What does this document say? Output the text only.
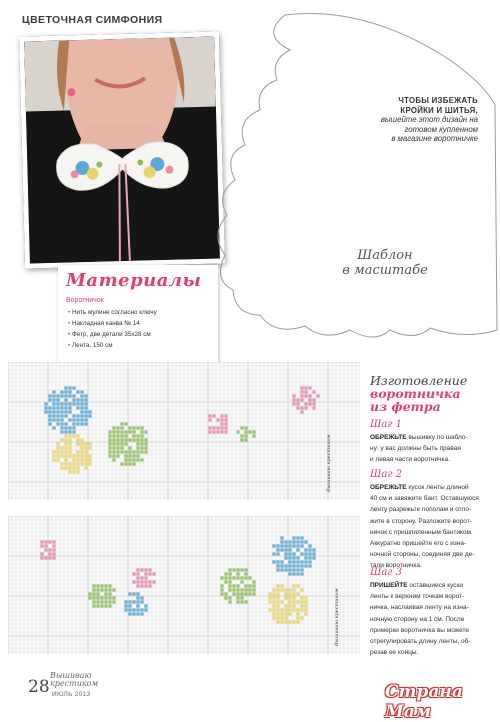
ЦВЕТОЧНАЯ СИМФОНИЯ
ЧТОБЫ ИЗБЕЖАТЬ
КРОЙКИ И ШИТЬЯ,
вышейте этот дизайн на
готовом купленном
в магазине воротничке
Шаблон
в масштабе
Материалы
Воротничок
• Нить мулине согласно ключу
• Накладная канва № 14
• Фетр, две детали 35х28 см
• Лента, 150 см
Вышиваю крестиком
Вышиваю крестиком
Изготовление
воротничка
из фетра
Шаг 1
ОБРЕЖЬТЕ вышивку по шабло-
ну: у вас должны быть правая
и левая части воротничка.
Шаг 2
ОБРЕЖЬТЕ кусок ленты длиной
40 см и завяжите бант. Оставшуюся
ленту разрежьте пополам и отло-
жите в сторону. Разложите ворот-
ничок с пришпиленным бантиком.
Аккуратно пришейте его с изна-
ночной стороны, соединяя две де-
тали воротничка.
Шаг 3
ПРИШЕЙТЕ оставшиеся куски
ленты к верхним точкам ворот-
ничка, наслаивая ленту на изна-
ночную сторону на 1 см. После
примерки воротничка вы можете
отрегулировать длину ленты, об-
резав ее концы.
28
Вышиваю
крестиком
ИЮЛЬ 2013	Страна Мам
